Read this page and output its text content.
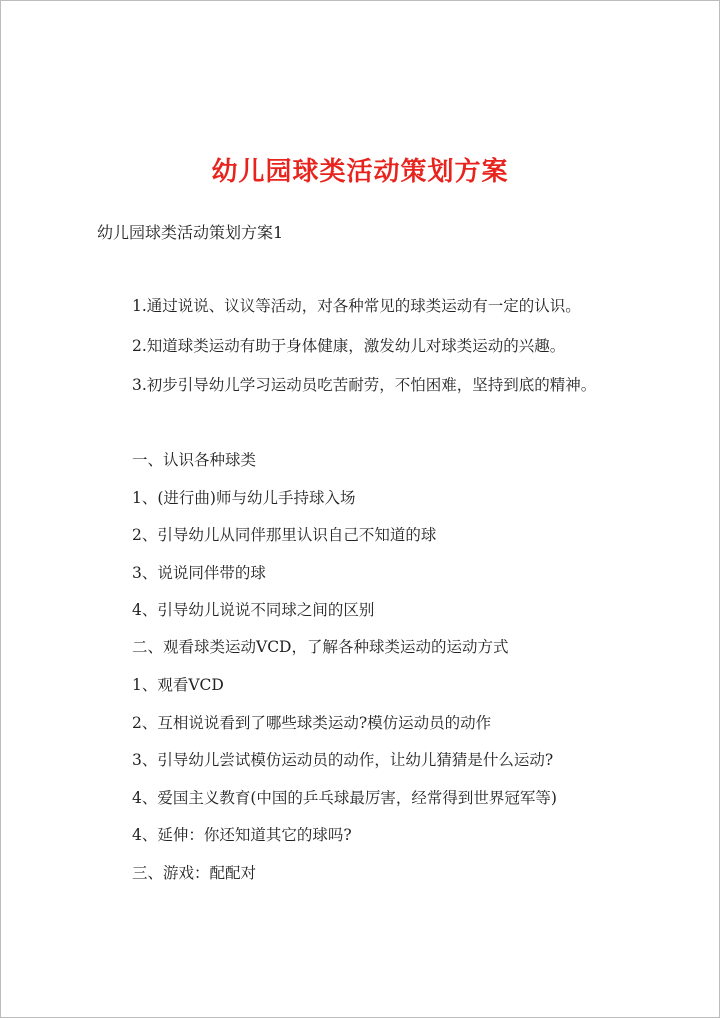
幼儿园球类活动策划方案
幼儿园球类活动策划方案1
1.通过说说、议议等活动，对各种常见的球类运动有一定的认识。
2.知道球类运动有助于身体健康，激发幼儿对球类运动的兴趣。
3.初步引导幼儿学习运动员吃苦耐劳，不怕困难，坚持到底的精神。
一、认识各种球类
1、(进行曲)师与幼儿手持球入场
2、引导幼儿从同伴那里认识自己不知道的球
3、说说同伴带的球
4、引导幼儿说说不同球之间的区别
二、观看球类运动VCD，了解各种球类运动的运动方式
1、观看VCD
2、互相说说看到了哪些球类运动?模仿运动员的动作
3、引导幼儿尝试模仿运动员的动作，让幼儿猜猜是什么运动?
4、爱国主义教育(中国的乒乓球最厉害，经常得到世界冠军等)
4、延伸：你还知道其它的球吗?
三、游戏：配配对
